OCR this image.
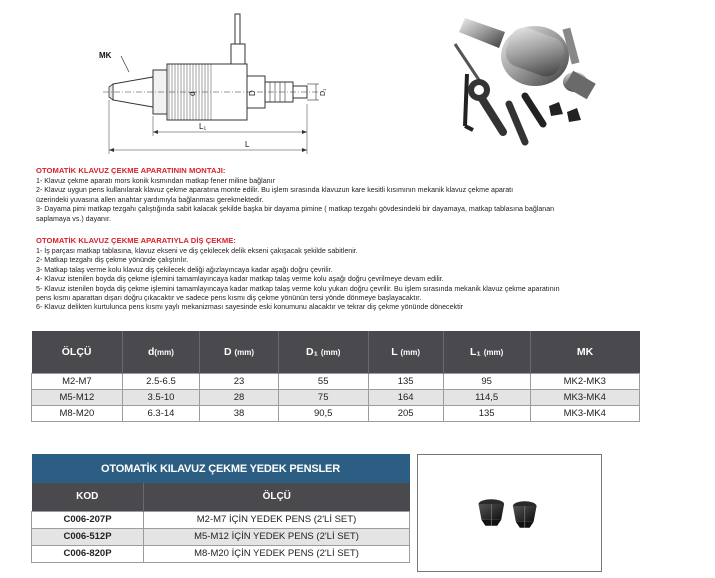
MK
d	D	D₁
L₁
L
OTOMATİK KLAVUZ ÇEKME APARATININ MONTAJI:
1- Klavuz çekme aparatı mors konik kısmından matkap fener miline bağlanır
2- Klavuz uygun pens kullanılarak klavuz çekme aparatına monte edilir. Bu işlem sırasında klavuzun kare kesitli kısımının mekanik klavuz çekme aparatı
üzerindeki yuvasına allen anahtar yardımıyla bağlanması gerekmektedir.
3- Dayama pimi matkap tezgahı çalıştığında sabit kalacak şekilde başka bir dayama pimine ( matkap tezgahı gövdesindeki bir dayamaya, matkap tablasına bağlanan
saplamaya vs.) dayanır.
OTOMATİK KLAVUZ ÇEKME APARATIYLA DİŞ ÇEKME:
1- İş parçası matkap tablasına, klavuz ekseni ve diş çekilecek delik ekseni çakışacak şekilde sabitlenir.
2- Matkap tezgahı diş çekme yönünde çalıştırılır.
3- Matkap talaş verme kolu klavuz diş çekilecek deliği ağızlayıncaya kadar aşağı doğru çevrilir.
4- Klavuz istenilen boyda diş çekme işlemini tamamlayıncaya kadar matkap talaş verme kolu aşağı doğru çevrilmeye devam edilir.
5- Klavuz istenilen boyda diş çekme işlemini tamamlayıncaya kadar matkap talaş verme kolu yukarı doğru çevrilir. Bu işlem sırasında mekanik klavuz çekme aparatının
pens kısmı aparattan dışarı doğru çıkacaktır ve sadece pens kısmı diş çekme yönünün tersi yönde dönmeye başlayacaktır.
6- Klavuz delikten kurtulunca pens kısmı yaylı mekanizması sayesinde eski konumunu alacaktır ve tekrar diş çekme yönünde dönecektir
ÖLÇÜ	d(mm)	D (mm)	D₁ (mm)	L (mm)	L₁ (mm)	MK
M2-M7	2.5-6.5	23	55	135	95	MK2-MK3
M5-M12	3.5-10	28	75	164	114,5	MK3-MK4
M8-M20	6.3-14	38	90,5	205	135	MK3-MK4
OTOMATİK KILAVUZ ÇEKME YEDEK PENSLER	
KOD	ÖLÇÜ
C006-207P	M2-M7 İÇİN YEDEK PENS (2'Lİ SET)
C006-512P	M5-M12 İÇİN YEDEK PENS (2'Lİ SET)
C006-820P	M8-M20 İÇİN YEDEK PENS (2'Lİ SET)
